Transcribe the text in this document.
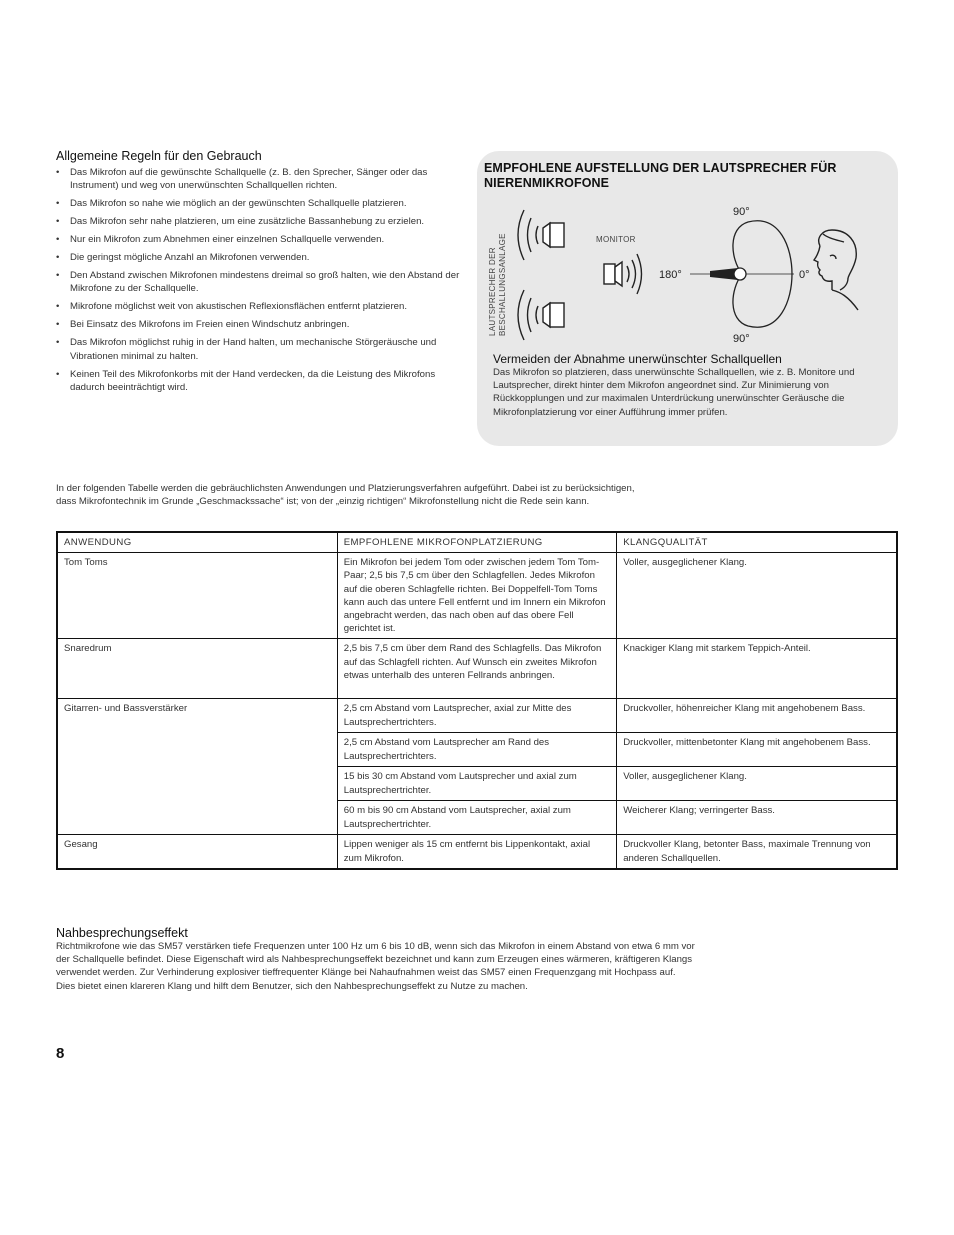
Allgemeine Regeln für den Gebrauch
• Das Mikrofon auf die gewünschte Schallquelle (z. B. den Sprecher, Sänger oder das Instrument) und weg von unerwünschten Schallquellen richten.
• Das Mikrofon so nahe wie möglich an der gewünschten Schallquelle platzieren.
• Das Mikrofon sehr nahe platzieren, um eine zusätzliche Bassanhebung zu erzielen.
• Nur ein Mikrofon zum Abnehmen einer einzelnen Schallquelle verwenden.
• Die geringst mögliche Anzahl an Mikrofonen verwenden.
• Den Abstand zwischen Mikrofonen mindestens dreimal so groß halten, wie den Abstand der Mikrofone zu der Schallquelle.
• Mikrofone möglichst weit von akustischen Reflexionsflächen entfernt platzieren.
• Bei Einsatz des Mikrofons im Freien einen Windschutz anbringen.
• Das Mikrofon möglichst ruhig in der Hand halten, um mechanische Störgeräusche und Vibrationen minimal zu halten.
• Keinen Teil des Mikrofonkorbs mit der Hand verdecken, da die Leistung des Mikrofons dadurch beeinträchtigt wird.
EMPFOHLENE AUFSTELLUNG DER LAUTSPRECHER FÜR NIERENMIKROFONE
LAUTSPRECHER DER BESCHALLUNGSANLAGE	MONITOR
90°
90°
180°	0°
Vermeiden der Abnahme unerwünschter Schallquellen
Das Mikrofon so platzieren, dass unerwünschte Schallquellen, wie z. B. Monitore und Lautsprecher, direkt hinter dem Mikrofon angeordnet sind. Zur Minimierung von Rückkopplungen und zur maximalen Unterdrückung unerwünschter Geräusche die Mikrofonplatzierung vor einer Aufführung immer prüfen.
In der folgenden Tabelle werden die gebräuchlichsten Anwendungen und Platzierungsverfahren aufgeführt. Dabei ist zu berücksichtigen,
dass Mikrofontechnik im Grunde „Geschmackssache“ ist; von der „einzig richtigen“ Mikrofonstellung nicht die Rede sein kann.
ANWENDUNG	EMPFOHLENE MIKROFONPLATZIERUNG	KLANGQUALITÄT
Tom Toms	Ein Mikrofon bei jedem Tom oder zwischen jedem Tom Tom-Paar; 2,5 bis 7,5 cm über den Schlagfellen. Jedes Mikrofon auf die oberen Schlagfelle richten. Bei Doppelfell-Tom Toms kann auch das untere Fell entfernt und im Innern ein Mikrofon angebracht werden, das nach oben auf das obere Fell gerichtet ist.	Voller, ausgeglichener Klang.
Snaredrum	2,5 bis 7,5 cm über dem Rand des Schlagfells. Das Mikrofon auf das Schlagfell richten. Auf Wunsch ein zweites Mikrofon etwas unterhalb des unteren Fellrands anbringen.	Knackiger Klang mit starkem Teppich-Anteil.
Gitarren- und Bassverstärker	2,5 cm Abstand vom Lautsprecher, axial zur Mitte des Lautsprechertrichters.	Druckvoller, höhenreicher Klang mit angehobenem Bass.
	2,5 cm Abstand vom Lautsprecher am Rand des Lautsprechertrichters.	Druckvoller, mittenbetonter Klang mit angehobenem Bass.
	15 bis 30 cm Abstand vom Lautsprecher und axial zum Lautsprechertrichter.	Voller, ausgeglichener Klang.
	60 m bis 90 cm Abstand vom Lautsprecher, axial zum Lautsprechertrichter.	Weicherer Klang; verringerter Bass.
Gesang	Lippen weniger als 15 cm entfernt bis Lippenkontakt, axial zum Mikrofon.	Druckvoller Klang, betonter Bass, maximale Trennung von anderen Schallquellen.
Nahbesprechungseffekt
Richtmikrofone wie das SM57 verstärken tiefe Frequenzen unter 100 Hz um 6 bis 10 dB, wenn sich das Mikrofon in einem Abstand von etwa 6 mm vor der Schallquelle befindet. Diese Eigenschaft wird als Nahbesprechungseffekt bezeichnet und kann zum Erzeugen eines wärmeren, kräftigeren Klangs verwendet werden. Zur Verhinderung explosiver tieffrequenter Klänge bei Nahaufnahmen weist das SM57 einen Frequenzgang mit Hochpass auf. Dies bietet einen klareren Klang und hilft dem Benutzer, sich den Nahbesprechungseffekt zu Nutze zu machen.
8
